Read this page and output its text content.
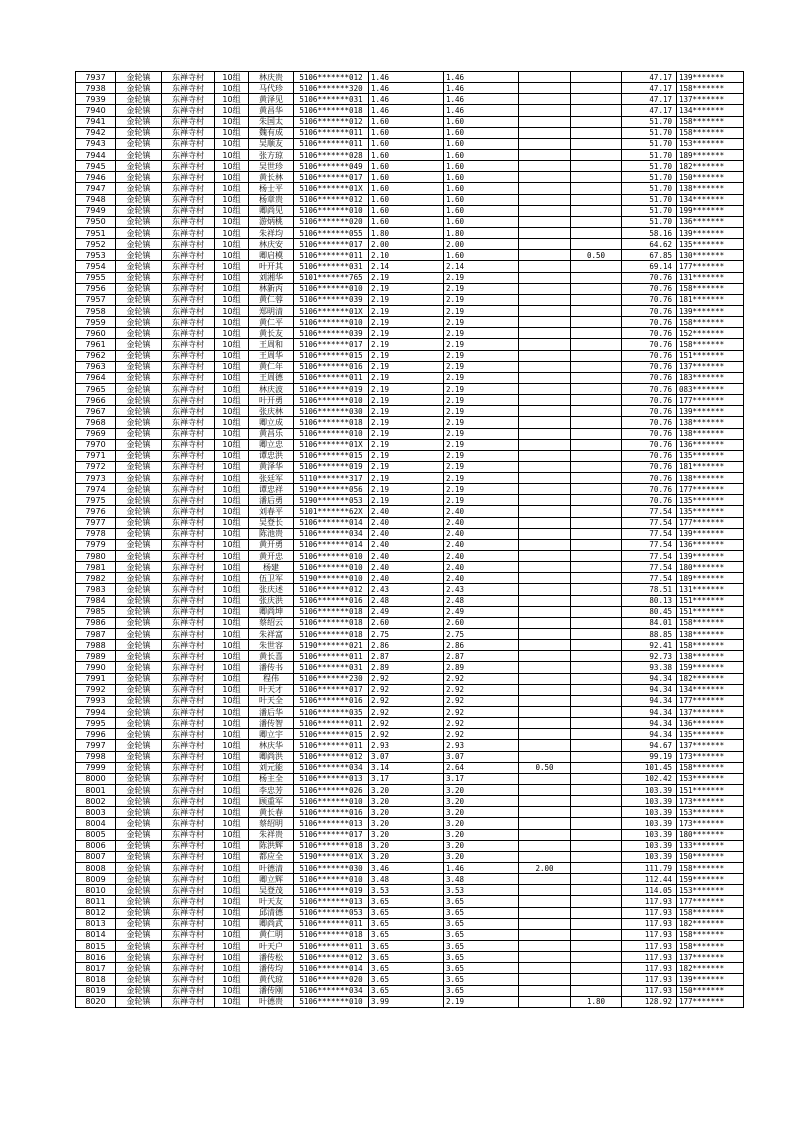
7937	金轮镇	东禅寺村	10组	林庆贵	5106*******012	1.46	1.46			47.17	139*******
7938	金轮镇	东禅寺村	10组	马代珍	5106*******320	1.46	1.46			47.17	158*******
7939	金轮镇	东禅寺村	10组	黄泽见	5106*******031	1.46	1.46			47.17	137*******
7940	金轮镇	东禅寺村	10组	黄昌华	5106*******018	1.46	1.46			47.17	134*******
7941	金轮镇	东禅寺村	10组	朱国太	5106*******012	1.60	1.60			51.70	158*******
7942	金轮镇	东禅寺村	10组	魏有成	5106*******011	1.60	1.60			51.70	158*******
7943	金轮镇	东禅寺村	10组	吴顺友	5106*******011	1.60	1.60			51.70	153*******
7944	金轮镇	东禅寺村	10组	张方琼	5106*******028	1.60	1.60			51.70	189*******
7945	金轮镇	东禅寺村	10组	吴世珍	5106*******049	1.60	1.60			51.70	182*******
7946	金轮镇	东禅寺村	10组	黄长林	5106*******017	1.60	1.60			51.70	150*******
7947	金轮镇	东禅寺村	10组	杨士平	5106*******01X	1.60	1.60			51.70	138*******
7948	金轮镇	东禅寺村	10组	杨章贵	5106*******012	1.60	1.60			51.70	134*******
7949	金轮镇	东禅寺村	10组	卿尚见	5106*******010	1.60	1.60			51.70	199*******
7950	金轮镇	东禅寺村	10组	游炳桃	5106*******020	1.60	1.60			51.70	136*******
7951	金轮镇	东禅寺村	10组	朱祥均	5106*******055	1.80	1.80			58.16	139*******
7952	金轮镇	东禅寺村	10组	林庆安	5106*******017	2.00	2.00			64.62	135*******
7953	金轮镇	东禅寺村	10组	卿启模	5106*******011	2.10	1.60		0.50	67.85	130*******
7954	金轮镇	东禅寺村	10组	叶开其	5106*******031	2.14	2.14			69.14	177*******
7955	金轮镇	东禅寺村	10组	刘湘华	5101*******765	2.19	2.19			70.76	131*******
7956	金轮镇	东禅寺村	10组	林新丙	5106*******010	2.19	2.19			70.76	158*******
7957	金轮镇	东禅寺村	10组	黄仁蓉	5106*******039	2.19	2.19			70.76	181*******
7958	金轮镇	东禅寺村	10组	郑明清	5106*******01X	2.19	2.19			70.76	139*******
7959	金轮镇	东禅寺村	10组	黄仁平	5106*******010	2.19	2.19			70.76	158*******
7960	金轮镇	东禅寺村	10组	黄长友	5106*******039	2.19	2.19			70.76	152*******
7961	金轮镇	东禅寺村	10组	王周和	5106*******017	2.19	2.19			70.76	158*******
7962	金轮镇	东禅寺村	10组	王周华	5106*******015	2.19	2.19			70.76	151*******
7963	金轮镇	东禅寺村	10组	黄仁年	5106*******016	2.19	2.19			70.76	137*******
7964	金轮镇	东禅寺村	10组	王周德	5106*******011	2.19	2.19			70.76	183*******
7965	金轮镇	东禅寺村	10组	林庆波	5106*******019	2.19	2.19			70.76	083*******
7966	金轮镇	东禅寺村	10组	叶开勇	5106*******010	2.19	2.19			70.76	177*******
7967	金轮镇	东禅寺村	10组	张庆林	5106*******030	2.19	2.19			70.76	139*******
7968	金轮镇	东禅寺村	10组	卿立成	5106*******018	2.19	2.19			70.76	138*******
7969	金轮镇	东禅寺村	10组	黄昌乐	5106*******010	2.19	2.19			70.76	138*******
7970	金轮镇	东禅寺村	10组	卿立忠	5106*******01X	2.19	2.19			70.76	136*******
7971	金轮镇	东禅寺村	10组	谭忠洪	5106*******015	2.19	2.19			70.76	135*******
7972	金轮镇	东禅寺村	10组	黄泽华	5106*******019	2.19	2.19			70.76	181*******
7973	金轮镇	东禅寺村	10组	张廷军	5110*******317	2.19	2.19			70.76	138*******
7974	金轮镇	东禅寺村	10组	谭忠祥	5190*******056	2.19	2.19			70.76	177*******
7975	金轮镇	东禅寺村	10组	潘后勇	5190*******053	2.19	2.19			70.76	135*******
7976	金轮镇	东禅寺村	10组	刘春平	5101*******62X	2.40	2.40			77.54	135*******
7977	金轮镇	东禅寺村	10组	吴登长	5106*******014	2.40	2.40			77.54	177*******
7978	金轮镇	东禅寺村	10组	陈池贵	5106*******034	2.40	2.40			77.54	139*******
7979	金轮镇	东禅寺村	10组	黄开勇	5106*******014	2.40	2.40			77.54	136*******
7980	金轮镇	东禅寺村	10组	黄开忠	5106*******010	2.40	2.40			77.54	139*******
7981	金轮镇	东禅寺村	10组	杨建	5106*******010	2.40	2.40			77.54	180*******
7982	金轮镇	东禅寺村	10组	伍卫军	5190*******010	2.40	2.40			77.54	189*******
7983	金轮镇	东禅寺村	10组	张庆述	5106*******012	2.43	2.43			78.51	131*******
7984	金轮镇	东禅寺村	10组	张庆洪	5106*******016	2.48	2.48			80.13	151*******
7985	金轮镇	东禅寺村	10组	卿尚坤	5106*******018	2.49	2.49			80.45	151*******
7986	金轮镇	东禅寺村	10组	蔡绍云	5106*******018	2.60	2.60			84.01	158*******
7987	金轮镇	东禅寺村	10组	朱祥富	5106*******018	2.75	2.75			88.85	138*******
7988	金轮镇	东禅寺村	10组	朱世容	5190*******021	2.86	2.86			92.41	158*******
7989	金轮镇	东禅寺村	10组	黄长喜	5106*******011	2.87	2.87			92.73	138*******
7990	金轮镇	东禅寺村	10组	潘传书	5106*******031	2.89	2.89			93.38	159*******
7991	金轮镇	东禅寺村	10组	程伟	5106*******230	2.92	2.92			94.34	182*******
7992	金轮镇	东禅寺村	10组	叶天才	5106*******017	2.92	2.92			94.34	134*******
7993	金轮镇	东禅寺村	10组	叶天全	5106*******016	2.92	2.92			94.34	177*******
7994	金轮镇	东禅寺村	10组	潘后华	5106*******035	2.92	2.92			94.34	137*******
7995	金轮镇	东禅寺村	10组	潘传智	5106*******011	2.92	2.92			94.34	136*******
7996	金轮镇	东禅寺村	10组	卿立宇	5106*******015	2.92	2.92			94.34	135*******
7997	金轮镇	东禅寺村	10组	林庆华	5106*******011	2.93	2.93			94.67	137*******
7998	金轮镇	东禅寺村	10组	卿尚洪	5106*******012	3.07	3.07			99.19	173*******
7999	金轮镇	东禅寺村	10组	刘元能	5106*******034	3.14	2.64	0.50		101.45	158*******
8000	金轮镇	东禅寺村	10组	杨主全	5106*******013	3.17	3.17			102.42	153*******
8001	金轮镇	东禅寺村	10组	李忠芳	5106*******026	3.20	3.20			103.39	151*******
8002	金轮镇	东禅寺村	10组	顾重军	5106*******010	3.20	3.20			103.39	173*******
8003	金轮镇	东禅寺村	10组	黄长春	5106*******016	3.20	3.20			103.39	153*******
8004	金轮镇	东禅寺村	10组	蔡绍明	5106*******013	3.20	3.20			103.39	173*******
8005	金轮镇	东禅寺村	10组	朱祥贵	5106*******017	3.20	3.20			103.39	180*******
8006	金轮镇	东禅寺村	10组	陈洪辉	5106*******018	3.20	3.20			103.39	133*******
8007	金轮镇	东禅寺村	10组	都应全	5190*******01X	3.20	3.20			103.39	150*******
8008	金轮镇	东禅寺村	10组	叶德清	5106*******030	3.46	1.46	2.00		111.79	158*******
8009	金轮镇	东禅寺村	10组	卿立辉	5106*******010	3.48	3.48			112.44	159*******
8010	金轮镇	东禅寺村	10组	吴登茂	5106*******019	3.53	3.53			114.05	153*******
8011	金轮镇	东禅寺村	10组	叶天友	5106*******013	3.65	3.65			117.93	177*******
8012	金轮镇	东禅寺村	10组	邱清德	5106*******053	3.65	3.65			117.93	158*******
8013	金轮镇	东禅寺村	10组	卿尚武	5106*******011	3.65	3.65			117.93	182*******
8014	金轮镇	东禅寺村	10组	黄仁明	5106*******018	3.65	3.65			117.93	158*******
8015	金轮镇	东禅寺村	10组	叶天户	5106*******011	3.65	3.65			117.93	158*******
8016	金轮镇	东禅寺村	10组	潘传松	5106*******012	3.65	3.65			117.93	137*******
8017	金轮镇	东禅寺村	10组	潘传均	5106*******014	3.65	3.65			117.93	182*******
8018	金轮镇	东禅寺村	10组	黄代琼	5106*******020	3.65	3.65			117.93	139*******
8019	金轮镇	东禅寺村	10组	潘传刚	5106*******034	3.65	3.65			117.93	150*******
8020	金轮镇	东禅寺村	10组	叶德贵	5106*******010	3.99	2.19		1.80	128.92	177*******
